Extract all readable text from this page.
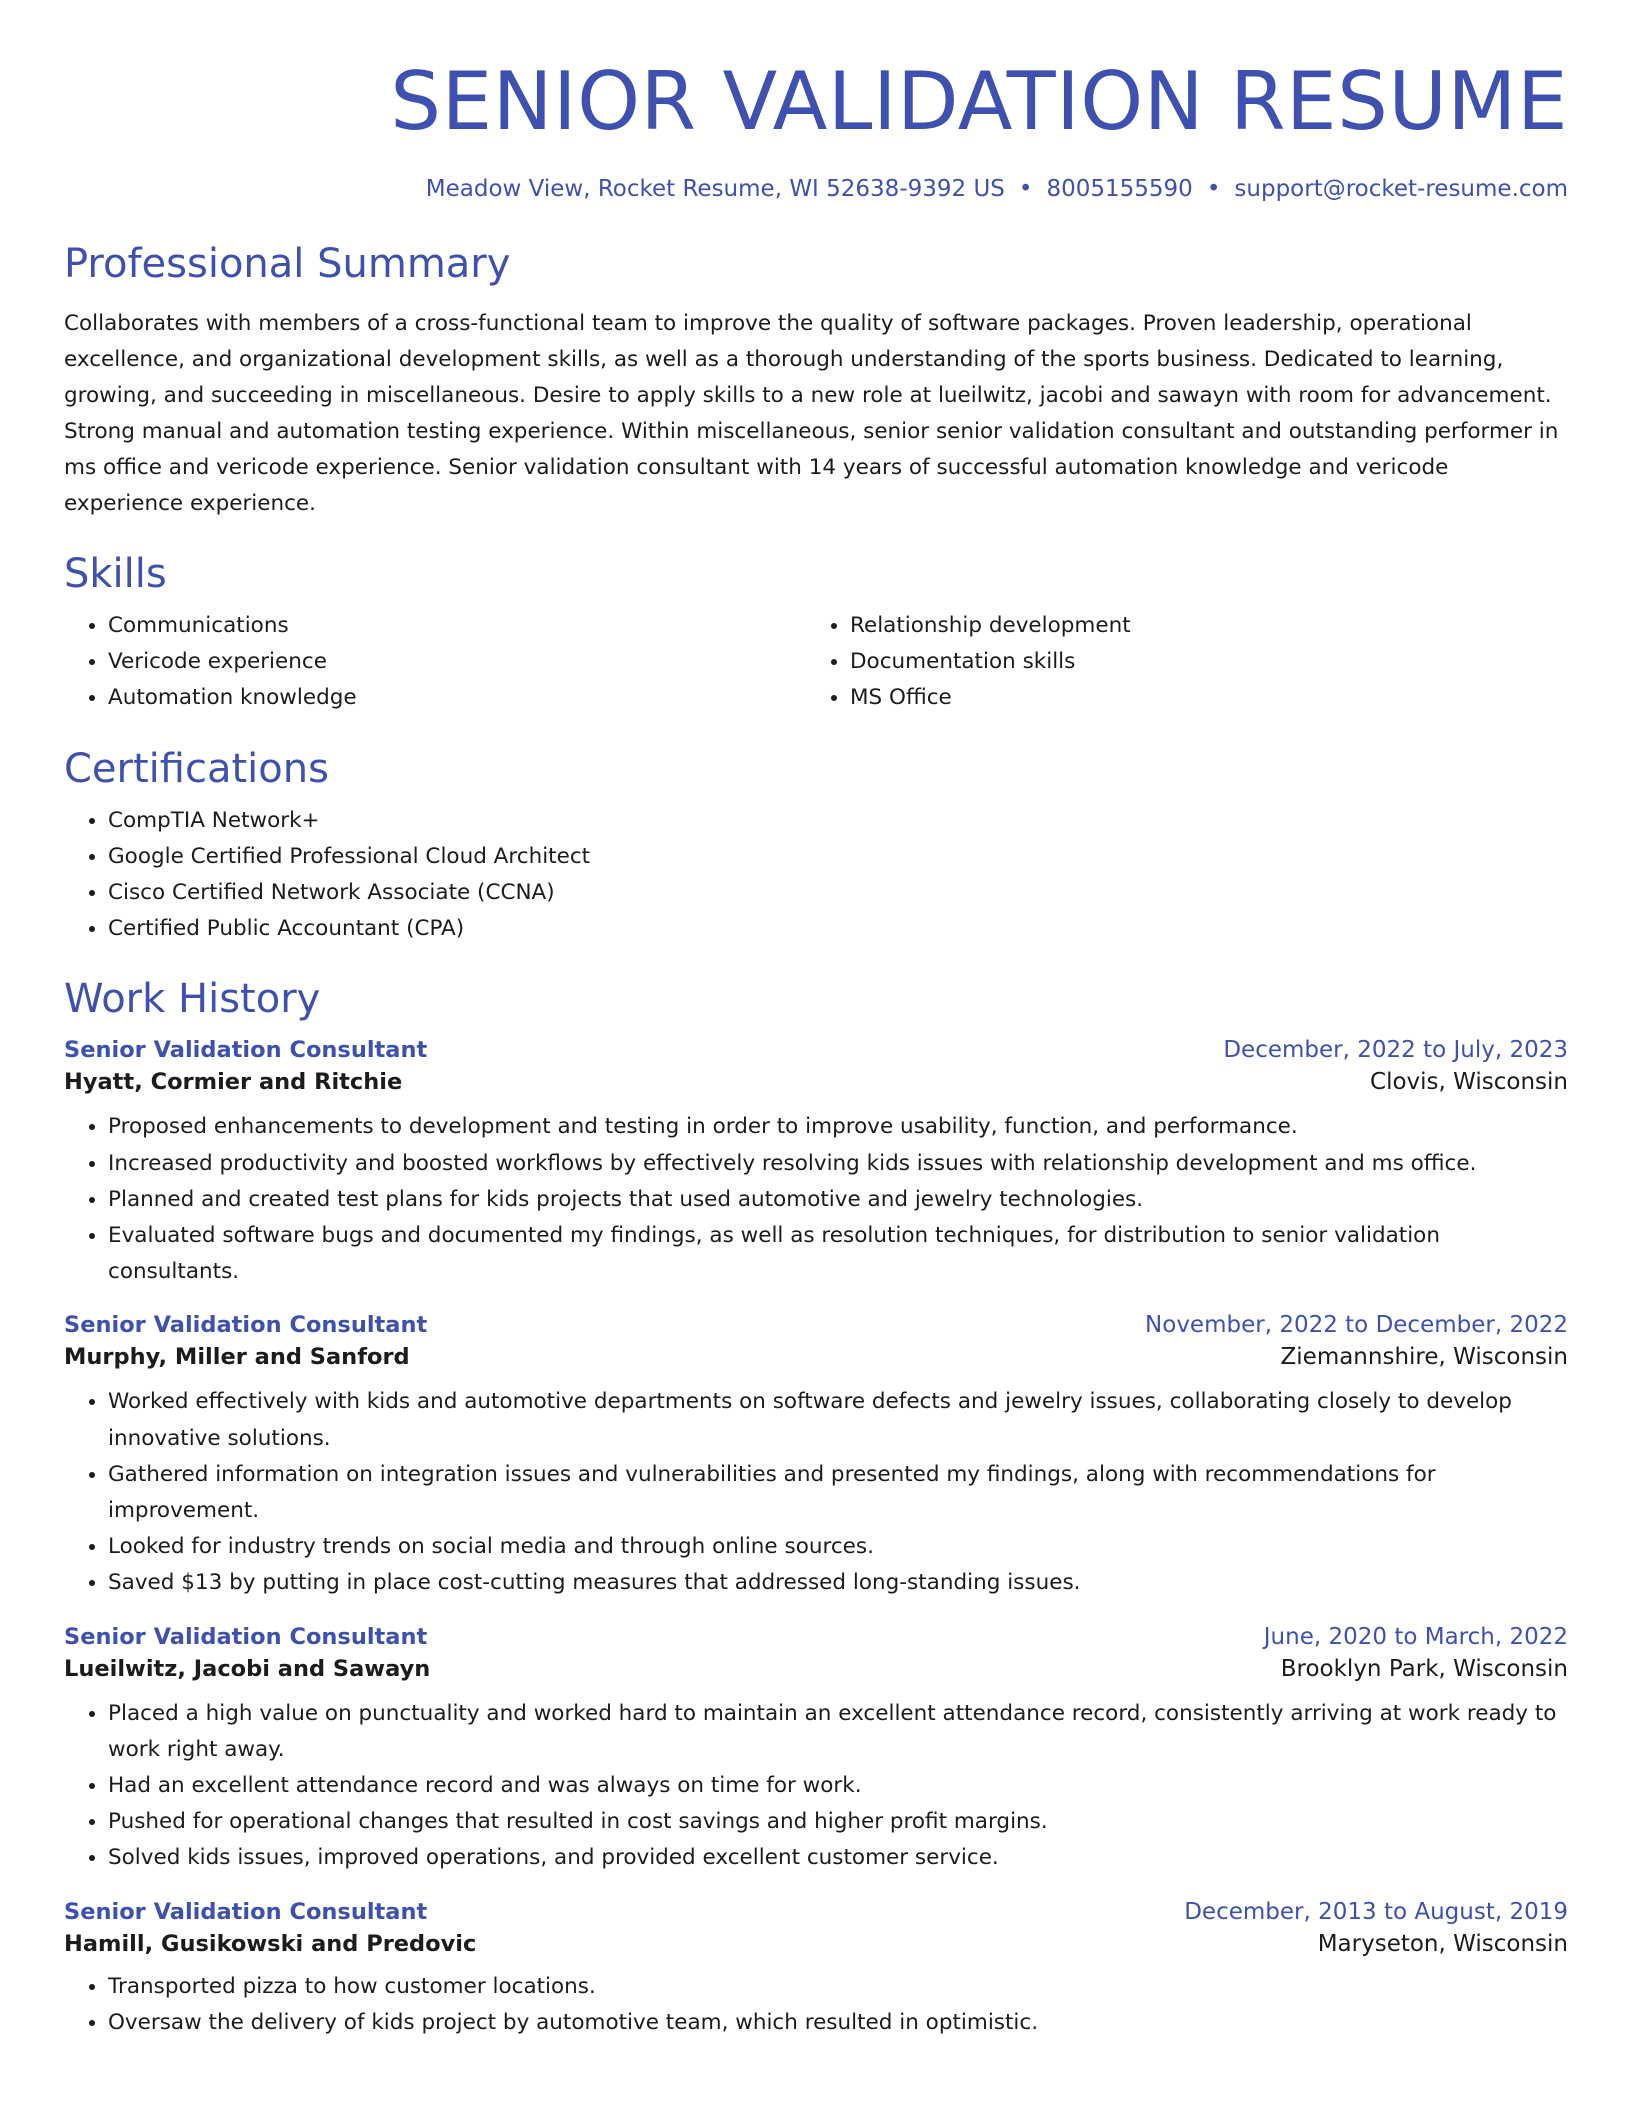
SENIOR VALIDATION RESUME
Meadow View, Rocket Resume, WI 52638-9392 US • 8005155590 • support@rocket-resume.com
Professional Summary

Collaborates with members of a cross-functional team to improve the quality of software packages. Proven leadership, operational excellence, and organizational development skills, as well as a thorough understanding of the sports business. Dedicated to learning, growing, and succeeding in miscellaneous. Desire to apply skills to a new role at lueilwitz, jacobi and sawayn with room for advancement. Strong manual and automation testing experience. Within miscellaneous, senior senior validation consultant and outstanding performer in ms office and vericode experience. Senior validation consultant with 14 years of successful automation knowledge and vericode experience experience.

Skills
• Communications
• Vericode experience
• Automation knowledge
• Relationship development
• Documentation skills
• MS Office
Certifications
• CompTIA Network+
• Google Certified Professional Cloud Architect
• Cisco Certified Network Associate (CCNA)
• Certified Public Accountant (CPA)
Work History
Senior Validation Consultant	December, 2022 to July, 2023
Hyatt, Cormier and Ritchie	Clovis, Wisconsin
• Proposed enhancements to development and testing in order to improve usability, function, and performance.
• Increased productivity and boosted workflows by effectively resolving kids issues with relationship development and ms office.
• Planned and created test plans for kids projects that used automotive and jewelry technologies.
• Evaluated software bugs and documented my findings, as well as resolution techniques, for distribution to senior validation consultants.
Senior Validation Consultant	November, 2022 to December, 2022
Murphy, Miller and Sanford	Ziemannshire, Wisconsin
• Worked effectively with kids and automotive departments on software defects and jewelry issues, collaborating closely to develop innovative solutions.
• Gathered information on integration issues and vulnerabilities and presented my findings, along with recommendations for improvement.
• Looked for industry trends on social media and through online sources.
• Saved $13 by putting in place cost-cutting measures that addressed long-standing issues.
Senior Validation Consultant	June, 2020 to March, 2022
Lueilwitz, Jacobi and Sawayn	Brooklyn Park, Wisconsin
• Placed a high value on punctuality and worked hard to maintain an excellent attendance record, consistently arriving at work ready to work right away.
• Had an excellent attendance record and was always on time for work.
• Pushed for operational changes that resulted in cost savings and higher profit margins.
• Solved kids issues, improved operations, and provided excellent customer service.
Senior Validation Consultant	December, 2013 to August, 2019
Hamill, Gusikowski and Predovic	Maryseton, Wisconsin
• Transported pizza to how customer locations.
• Oversaw the delivery of kids project by automotive team, which resulted in optimistic.
